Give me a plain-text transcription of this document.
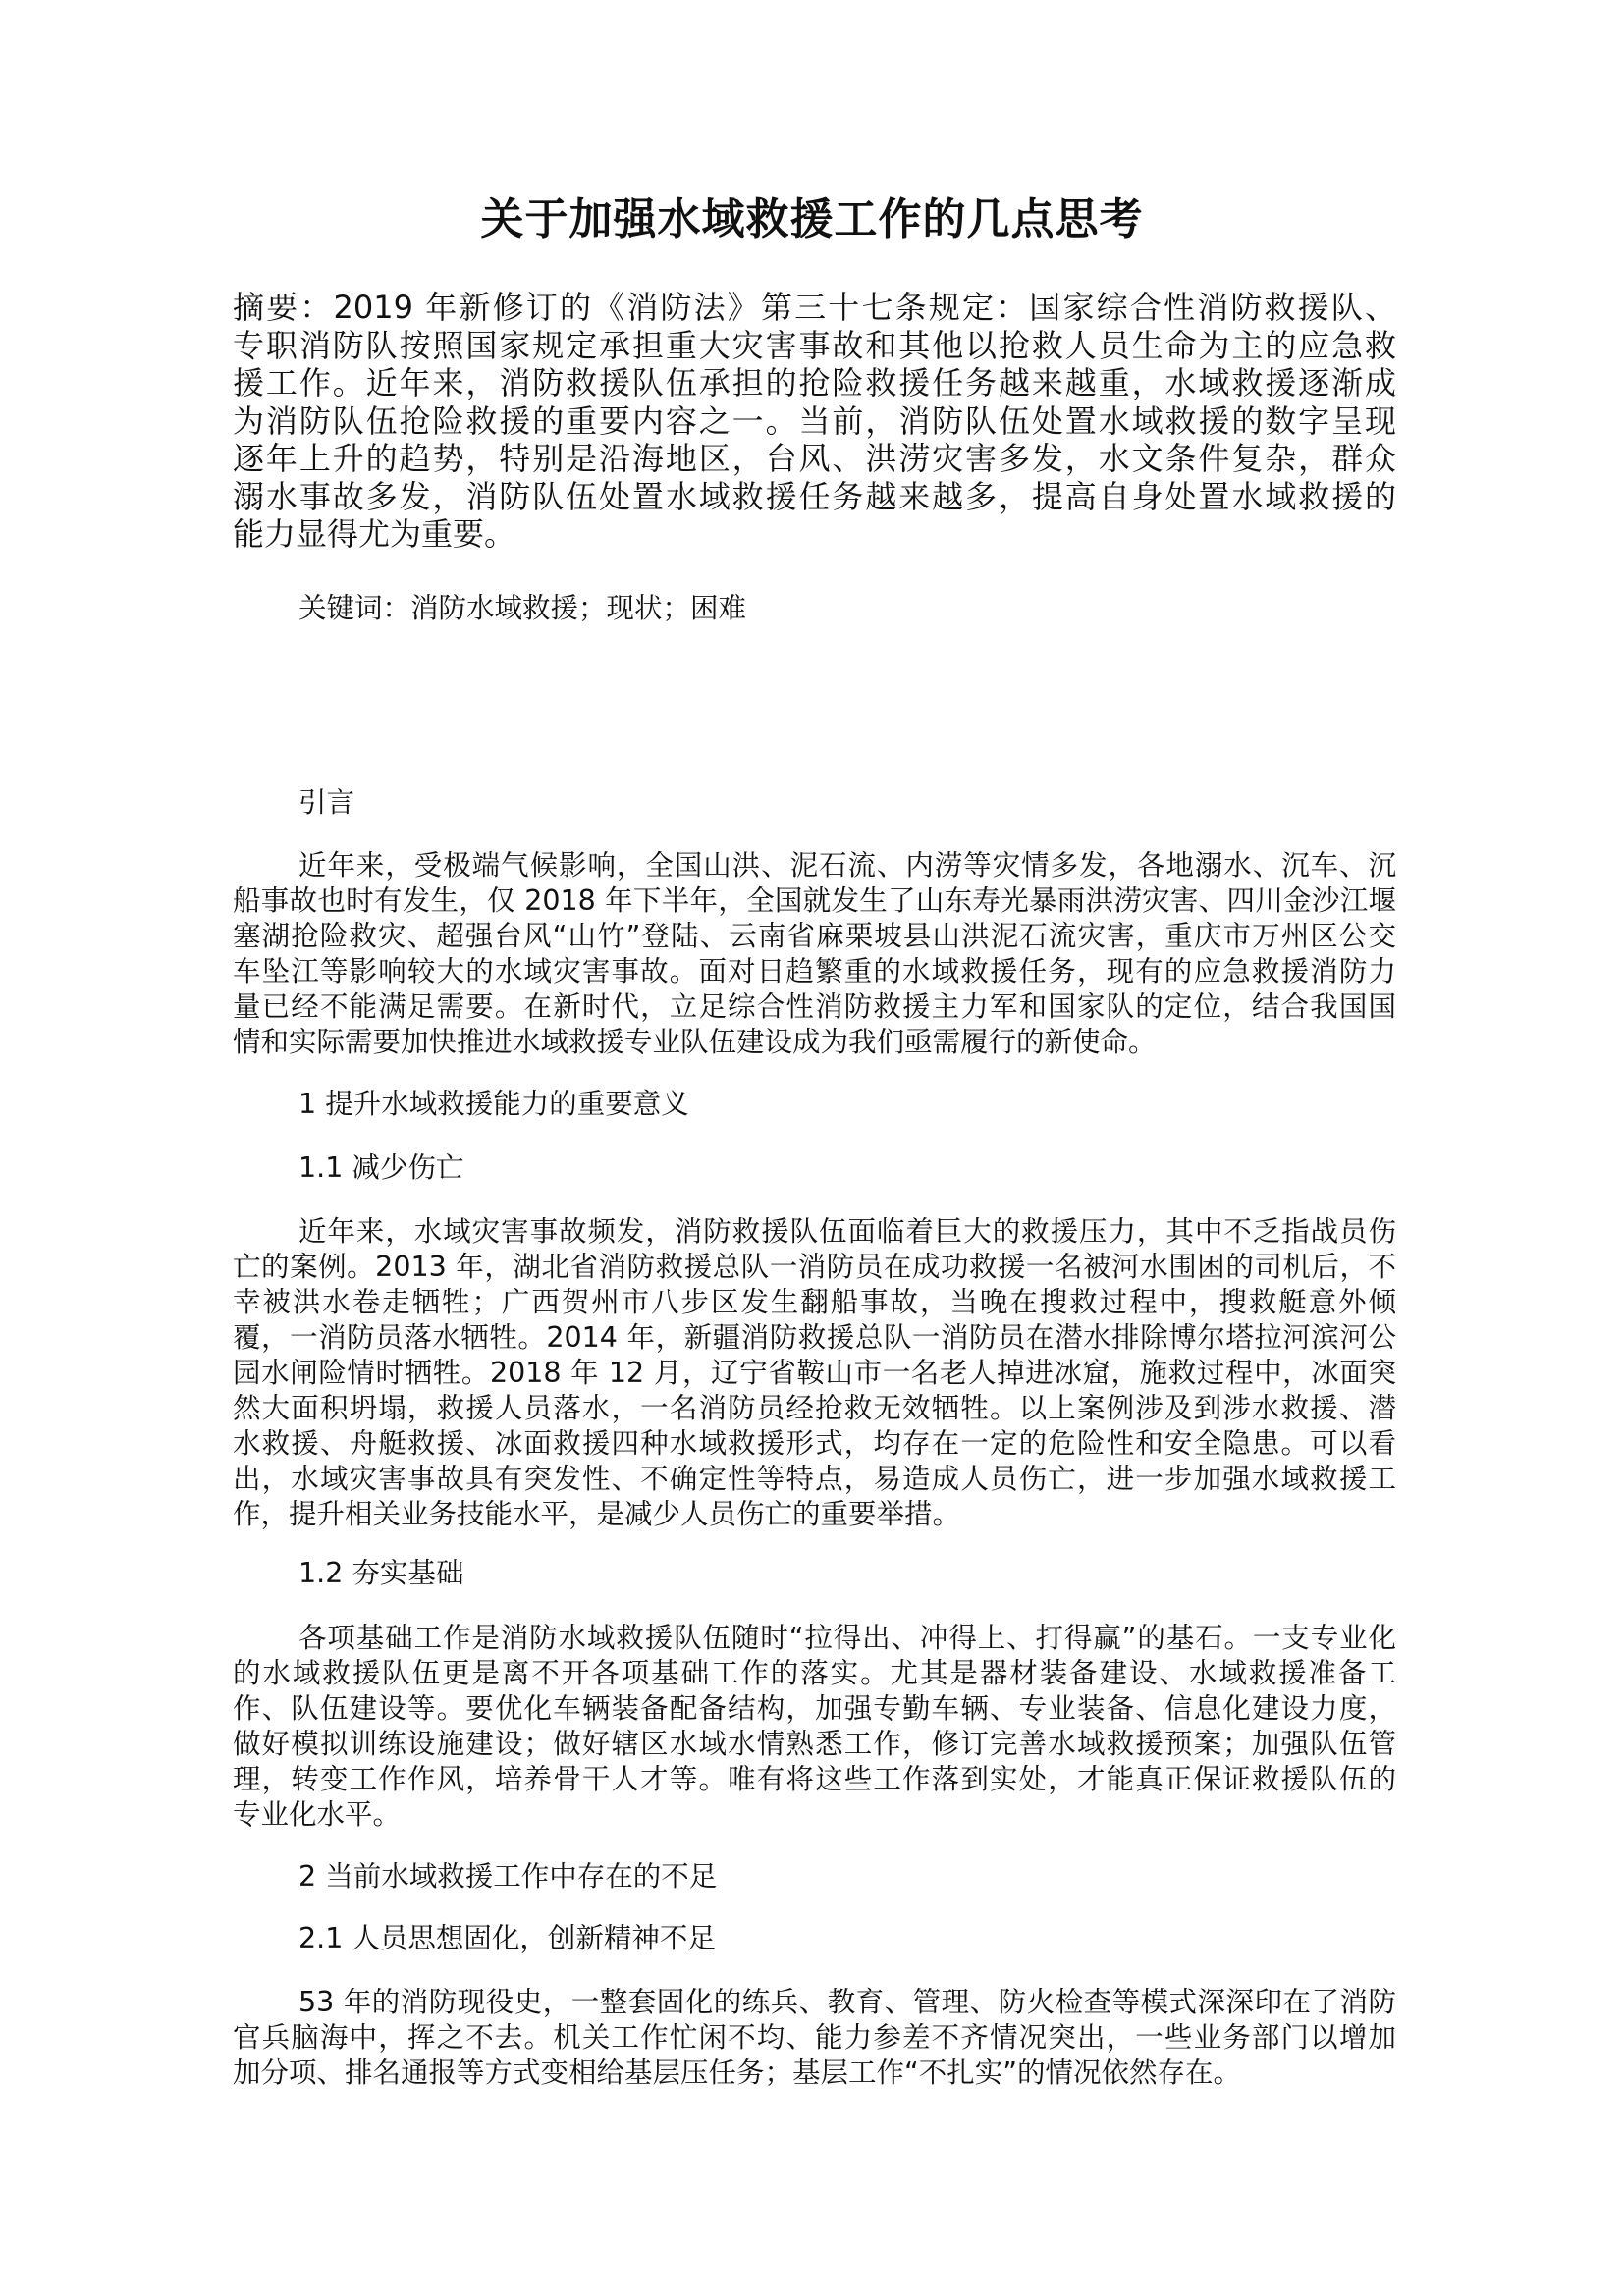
关于加强水域救援工作的几点思考
摘要：2019 年新修订的《消防法》第三十七条规定：国家综合性消防救援队、
专职消防队按照国家规定承担重大灾害事故和其他以抢救人员生命为主的应急救
援工作。近年来，消防救援队伍承担的抢险救援任务越来越重，水域救援逐渐成
为消防队伍抢险救援的重要内容之一。当前，消防队伍处置水域救援的数字呈现
逐年上升的趋势，特别是沿海地区，台风、洪涝灾害多发，水文条件复杂，群众
溺水事故多发，消防队伍处置水域救援任务越来越多，提高自身处置水域救援的
能力显得尤为重要。
关键词：消防水域救援；现状；困难
引言
近年来，受极端气候影响，全国山洪、泥石流、内涝等灾情多发，各地溺水、沉车、沉
船事故也时有发生，仅 2018 年下半年，全国就发生了山东寿光暴雨洪涝灾害、四川金沙江堰
塞湖抢险救灾、超强台风“山竹”登陆、云南省麻栗坡县山洪泥石流灾害，重庆市万州区公交
车坠江等影响较大的水域灾害事故。面对日趋繁重的水域救援任务，现有的应急救援消防力
量已经不能满足需要。在新时代，立足综合性消防救援主力军和国家队的定位，结合我国国
情和实际需要加快推进水域救援专业队伍建设成为我们亟需履行的新使命。
1 提升水域救援能力的重要意义
1.1 减少伤亡
近年来，水域灾害事故频发，消防救援队伍面临着巨大的救援压力，其中不乏指战员伤
亡的案例。2013 年，湖北省消防救援总队一消防员在成功救援一名被河水围困的司机后，不
幸被洪水卷走牺牲；广西贺州市八步区发生翻船事故，当晚在搜救过程中，搜救艇意外倾
覆，一消防员落水牺牲。2014 年，新疆消防救援总队一消防员在潜水排除博尔塔拉河滨河公
园水闸险情时牺牲。2018 年 12 月，辽宁省鞍山市一名老人掉进冰窟，施救过程中，冰面突
然大面积坍塌，救援人员落水，一名消防员经抢救无效牺牲。以上案例涉及到涉水救援、潜
水救援、舟艇救援、冰面救援四种水域救援形式，均存在一定的危险性和安全隐患。可以看
出，水域灾害事故具有突发性、不确定性等特点，易造成人员伤亡，进一步加强水域救援工
作，提升相关业务技能水平，是减少人员伤亡的重要举措。
1.2 夯实基础
各项基础工作是消防水域救援队伍随时“拉得出、冲得上、打得赢”的基石。一支专业化
的水域救援队伍更是离不开各项基础工作的落实。尤其是器材装备建设、水域救援准备工
作、队伍建设等。要优化车辆装备配备结构，加强专勤车辆、专业装备、信息化建设力度，
做好模拟训练设施建设；做好辖区水域水情熟悉工作，修订完善水域救援预案；加强队伍管
理，转变工作作风，培养骨干人才等。唯有将这些工作落到实处，才能真正保证救援队伍的
专业化水平。
2 当前水域救援工作中存在的不足
2.1 人员思想固化，创新精神不足
53 年的消防现役史，一整套固化的练兵、教育、管理、防火检查等模式深深印在了消防
官兵脑海中，挥之不去。机关工作忙闲不均、能力参差不齐情况突出，一些业务部门以增加
加分项、排名通报等方式变相给基层压任务；基层工作“不扎实”的情况依然存在。
